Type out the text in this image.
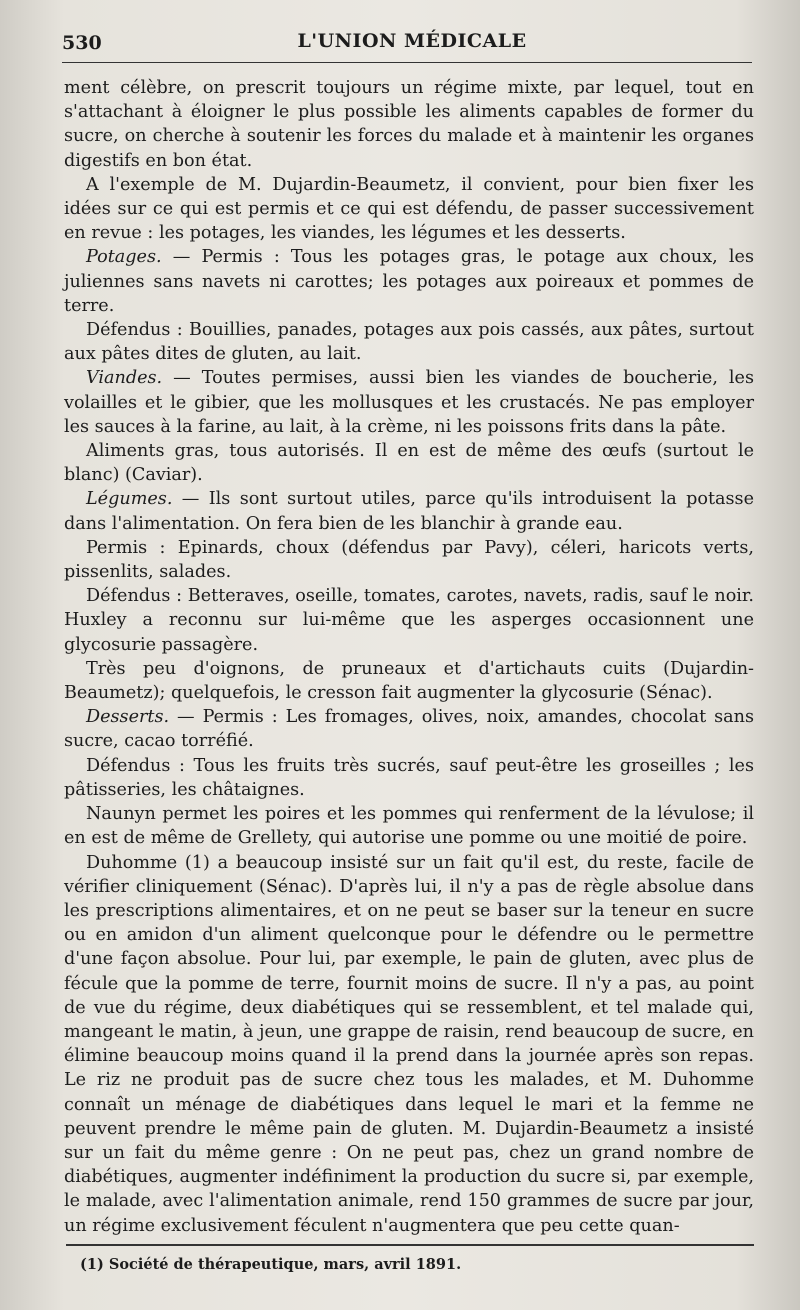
530	L'UNION MÉDICALE

ment célèbre, on prescrit toujours un régime mixte, par lequel, tout en s'attachant à éloigner le plus possible les aliments capables de former du sucre, on cherche à soutenir les forces du malade et à maintenir les organes digestifs en bon état.

A l'exemple de M. Dujardin-Beaumetz, il convient, pour bien fixer les idées sur ce qui est permis et ce qui est défendu, de passer successivement en revue : les potages, les viandes, les légumes et les desserts.

Potages. — Permis : Tous les potages gras, le potage aux choux, les juliennes sans navets ni carottes; les potages aux poireaux et pommes de terre.

Défendus : Bouillies, panades, potages aux pois cassés, aux pâtes, surtout aux pâtes dites de gluten, au lait.

Viandes. — Toutes permises, aussi bien les viandes de boucherie, les volailles et le gibier, que les mollusques et les crustacés. Ne pas employer les sauces à la farine, au lait, à la crème, ni les poissons frits dans la pâte.

Aliments gras, tous autorisés. Il en est de même des œufs (surtout le blanc) (Caviar).

Légumes. — Ils sont surtout utiles, parce qu'ils introduisent la potasse dans l'alimentation. On fera bien de les blanchir à grande eau.

Permis : Epinards, choux (défendus par Pavy), céleri, haricots verts, pissenlits, salades.

Défendus : Betteraves, oseille, tomates, carotes, navets, radis, sauf le noir. Huxley a reconnu sur lui-même que les asperges occasionnent une glycosurie passagère.

Très peu d'oignons, de pruneaux et d'artichauts cuits (Dujardin-Beaumetz); quelquefois, le cresson fait augmenter la glycosurie (Sénac).

Desserts. — Permis : Les fromages, olives, noix, amandes, chocolat sans sucre, cacao torréfié.

Défendus : Tous les fruits très sucrés, sauf peut-être les groseilles ; les pâtisseries, les châtaignes.

Naunyn permet les poires et les pommes qui renferment de la lévulose; il en est de même de Grellety, qui autorise une pomme ou une moitié de poire.

Duhomme (1) a beaucoup insisté sur un fait qu'il est, du reste, facile de vérifier cliniquement (Sénac). D'après lui, il n'y a pas de règle absolue dans les prescriptions alimentaires, et on ne peut se baser sur la teneur en sucre ou en amidon d'un aliment quelconque pour le défendre ou le permettre d'une façon absolue. Pour lui, par exemple, le pain de gluten, avec plus de fécule que la pomme de terre, fournit moins de sucre. Il n'y a pas, au point de vue du régime, deux diabétiques qui se ressemblent, et tel malade qui, mangeant le matin, à jeun, une grappe de raisin, rend beaucoup de sucre, en élimine beaucoup moins quand il la prend dans la journée après son repas. Le riz ne produit pas de sucre chez tous les malades, et M. Duhomme connaît un ménage de diabétiques dans lequel le mari et la femme ne peuvent prendre le même pain de gluten. M. Dujardin-Beaumetz a insisté sur un fait du même genre : On ne peut pas, chez un grand nombre de diabétiques, augmenter indéfiniment la production du sucre si, par exemple, le malade, avec l'alimentation animale, rend 150 grammes de sucre par jour, un régime exclusivement féculent n'augmentera que peu cette quan-

(1) Société de thérapeutique, mars, avril 1891.
